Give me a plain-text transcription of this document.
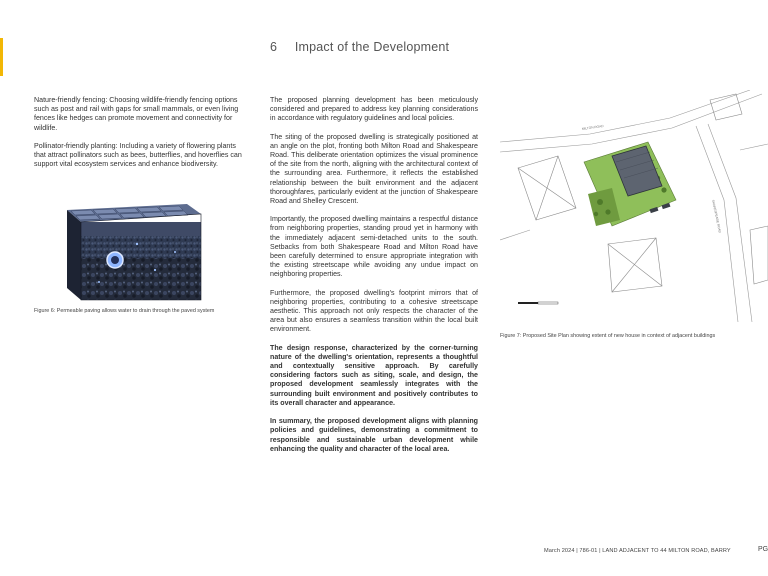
6 Impact of the Development

Nature-friendly fencing: Choosing wildlife-friendly fencing options such as post and rail with gaps for small mammals, or even living fences like hedges can promote movement and connectivity for wildlife.

Pollinator-friendly planting: Including a variety of flowering plants that attract pollinators such as bees, butterflies, and hoverflies can support vital ecosystem services and enhance biodiversity.

Figure 6: Permeable paving allows water to drain through the paved system

The proposed planning development has been meticulously considered and prepared to address key planning considerations in accordance with regulatory guidelines and local policies.

The siting of the proposed dwelling is strategically positioned at an angle on the plot, fronting both Milton Road and Shakespeare Road. This deliberate orientation optimizes the visual prominence of the site from the north, aligning with the architectural context of the surrounding area. Furthermore, it reflects the established relationship between the built environment and the adjacent thoroughfares, particularly evident at the junction of Shakespeare Road and Shelley Crescent.

Importantly, the proposed dwelling maintains a respectful distance from neighboring properties, standing proud yet in harmony with the immediately adjacent semi-detached units to the south. Setbacks from both Shakespeare Road and Milton Road have been carefully determined to ensure appropriate integration with the existing streetscape while avoiding any undue impact on neighboring properties.

Furthermore, the proposed dwelling's footprint mirrors that of neighboring properties, contributing to a cohesive streetscape aesthetic. This approach not only respects the character of the area but also ensures a seamless transition within the local built environment.

The design response, characterized by the corner-turning nature of the dwelling's orientation, represents a thoughtful and contextually sensitive approach. By carefully considering factors such as siting, scale, and design, the proposed development seamlessly integrates with the surrounding built environment and positively contributes to its overall character and appearance.

In summary, the proposed development aligns with planning policies and guidelines, demonstrating a commitment to responsible and sustainable urban development while enhancing the quality and character of the local area.

MILTON ROAD
SHAKESPEARE ROAD
Figure 7: Proposed Site Plan showing extent of new house in context of adjacent buildings
March 2024 | 786-01 | LAND ADJACENT TO 44 MILTON ROAD, BARRY	PG
